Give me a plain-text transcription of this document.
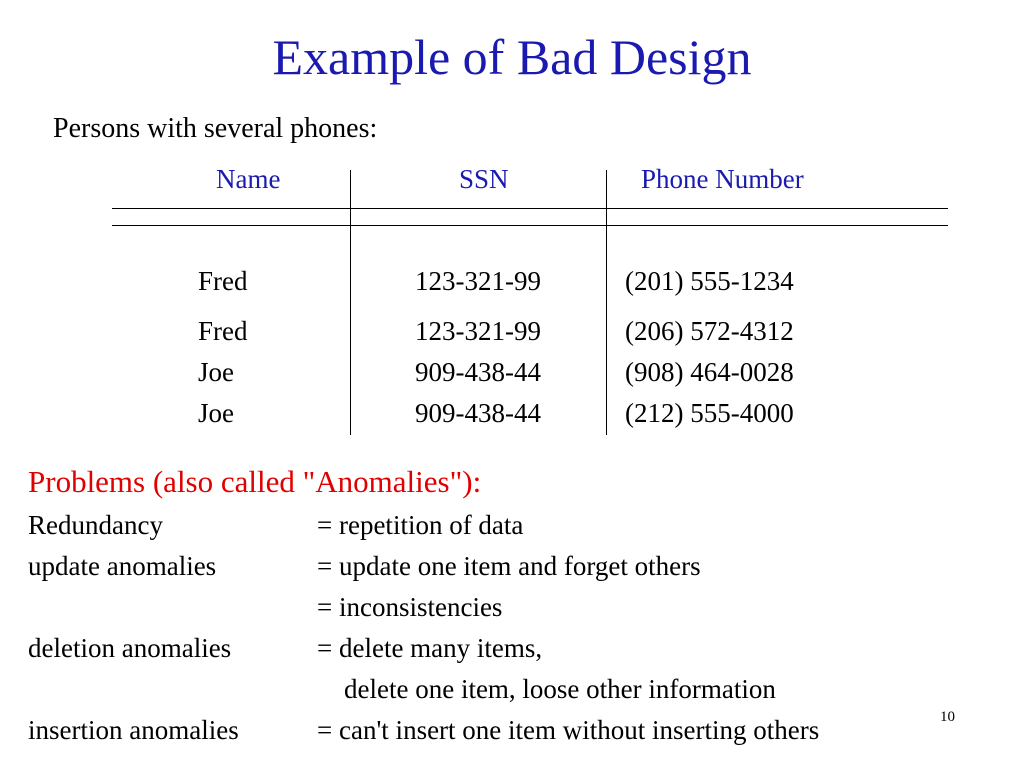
Example of Bad Design
Persons with several phones:
Name	SSN	Phone Number
Fred	123-321-99	(201) 555-1234
Fred	123-321-99	(206) 572-4312
Joe	909-438-44	(908) 464-0028
Joe	909-438-44	(212) 555-4000
Problems (also called "Anomalies"):
Redundancy	= repetition of data
update anomalies	= update one item and forget others
= inconsistencies
deletion anomalies	= delete many items,
delete one item, loose other information
insertion anomalies	= can't insert one item without inserting others	10
